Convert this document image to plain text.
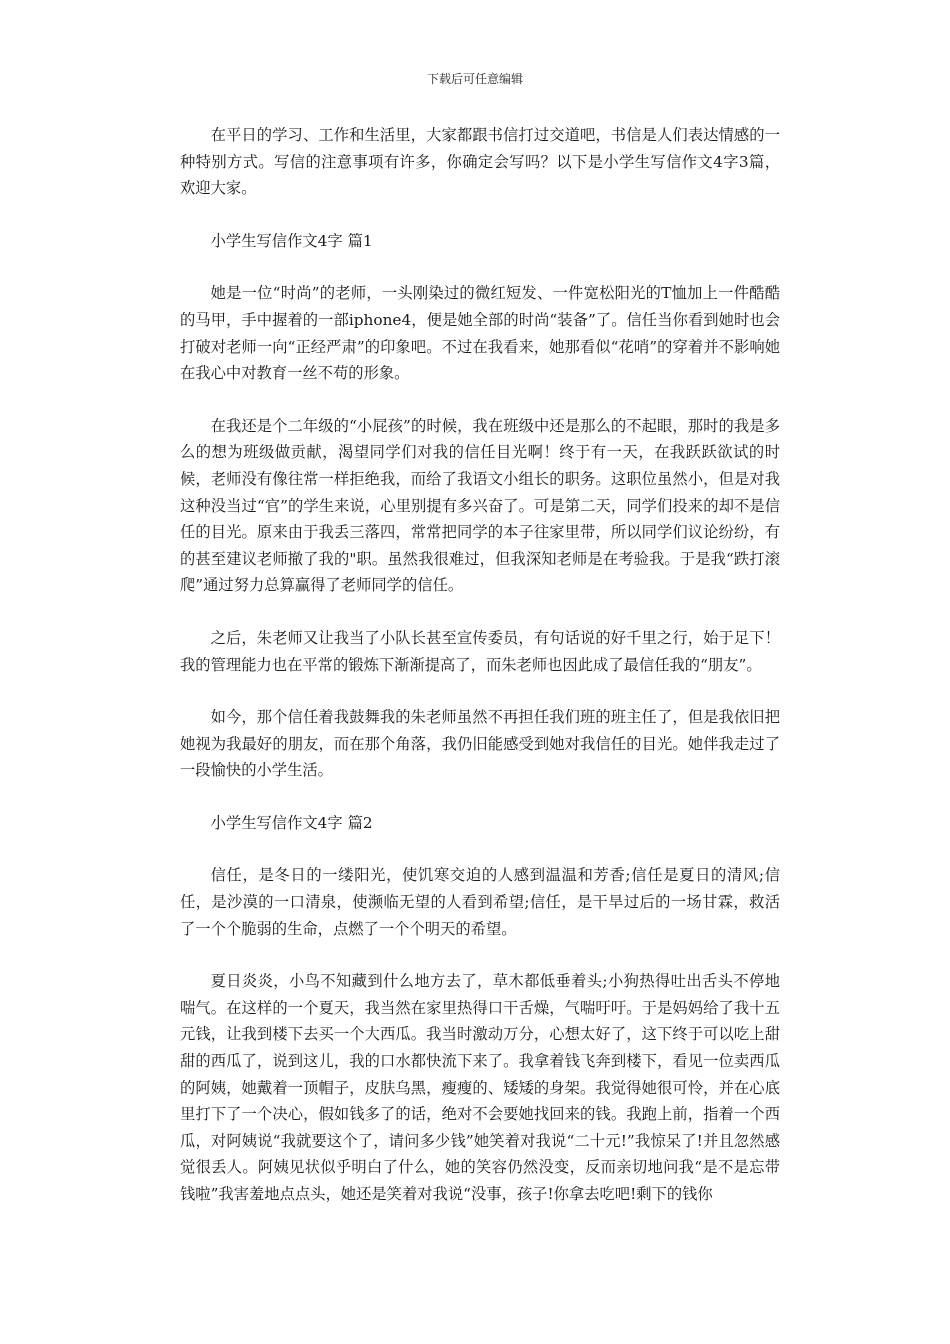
下载后可任意编辑

在平日的学习、工作和生活里，大家都跟书信打过交道吧，书信是人们表达情感的一种特别方式。写信的注意事项有许多，你确定会写吗？以下是小学生写信作文4字3篇，欢迎大家。

小学生写信作文4字 篇1

她是一位“时尚”的老师，一头刚染过的微红短发、一件宽松阳光的T恤加上一件酷酷的马甲，手中握着的一部iphone4，便是她全部的时尚“装备”了。信任当你看到她时也会打破对老师一向“正经严肃”的印象吧。不过在我看来，她那看似“花哨”的穿着并不影响她在我心中对教育一丝不苟的形象。

在我还是个二年级的“小屁孩”的时候，我在班级中还是那么的不起眼，那时的我是多么的想为班级做贡献，渴望同学们对我的信任目光啊！终于有一天，在我跃跃欲试的时候，老师没有像往常一样拒绝我，而给了我语文小组长的职务。这职位虽然小，但是对我这种没当过“官”的学生来说，心里别提有多兴奋了。可是第二天，同学们投来的却不是信任的目光。原来由于我丢三落四，常常把同学的本子往家里带，所以同学们议论纷纷，有的甚至建议老师撤了我的"职。虽然我很难过，但我深知老师是在考验我。于是我“跌打滚爬”通过努力总算赢得了老师同学的信任。

之后，朱老师又让我当了小队长甚至宣传委员，有句话说的好千里之行，始于足下！我的管理能力也在平常的锻炼下渐渐提高了，而朱老师也因此成了最信任我的“朋友”。

如今，那个信任着我鼓舞我的朱老师虽然不再担任我们班的班主任了，但是我依旧把她视为我最好的朋友，而在那个角落，我仍旧能感受到她对我信任的目光。她伴我走过了一段愉快的小学生活。

小学生写信作文4字 篇2

信任，是冬日的一缕阳光，使饥寒交迫的人感到温温和芳香;信任是夏日的清风;信任，是沙漠的一口清泉，使濒临无望的人看到希望;信任，是干旱过后的一场甘霖，救活了一个个脆弱的生命，点燃了一个个明天的希望。

夏日炎炎，小鸟不知藏到什么地方去了，草木都低垂着头;小狗热得吐出舌头不停地喘气。在这样的一个夏天，我当然在家里热得口干舌燥，气喘吁吁。于是妈妈给了我十五元钱，让我到楼下去买一个大西瓜。我当时激动万分，心想太好了，这下终于可以吃上甜甜的西瓜了，说到这儿，我的口水都快流下来了。我拿着钱飞奔到楼下，看见一位卖西瓜的阿姨，她戴着一顶帽子，皮肤乌黑，瘦瘦的、矮矮的身架。我觉得她很可怜，并在心底里打下了一个决心，假如钱多了的话，绝对不会要她找回来的钱。我跑上前，指着一个西瓜，对阿姨说“我就要这个了，请问多少钱”她笑着对我说“二十元!”我惊呆了!并且忽然感觉很丢人。阿姨见状似乎明白了什么，她的笑容仍然没变，反而亲切地问我“是不是忘带钱啦”我害羞地点点头，她还是笑着对我说“没事，孩子!你拿去吃吧!剩下的钱你
